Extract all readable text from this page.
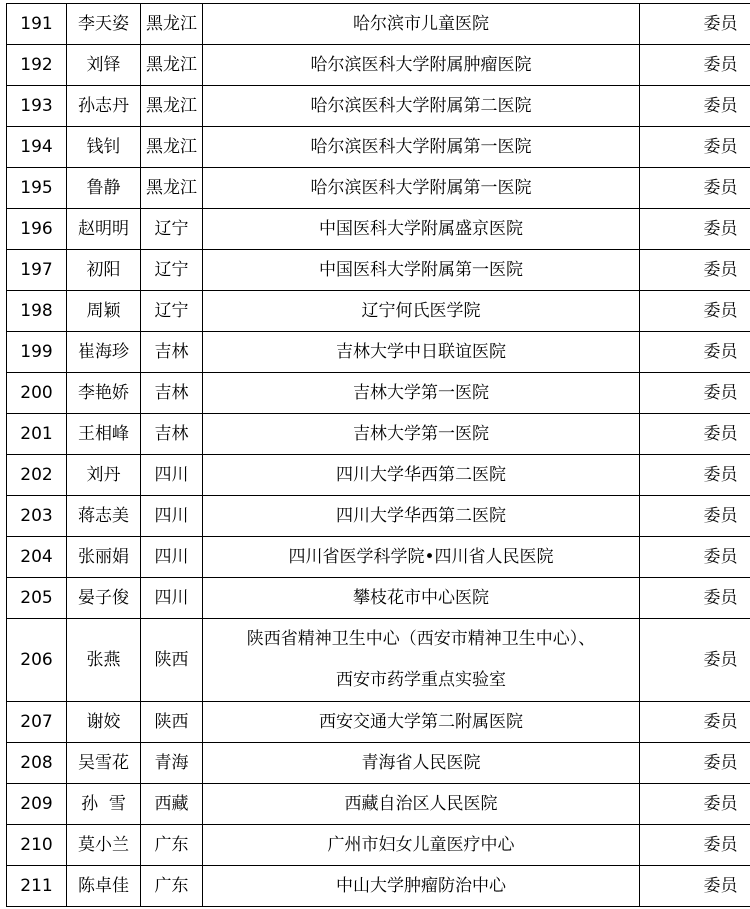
191	李天姿	黑龙江	哈尔滨市儿童医院	委员
192	刘铎	黑龙江	哈尔滨医科大学附属肿瘤医院	委员
193	孙志丹	黑龙江	哈尔滨医科大学附属第二医院	委员
194	钱钊	黑龙江	哈尔滨医科大学附属第一医院	委员
195	鲁静	黑龙江	哈尔滨医科大学附属第一医院	委员
196	赵明明	辽宁	中国医科大学附属盛京医院	委员
197	初阳	辽宁	中国医科大学附属第一医院	委员
198	周颖	辽宁	辽宁何氏医学院	委员
199	崔海珍	吉林	吉林大学中日联谊医院	委员
200	李艳娇	吉林	吉林大学第一医院	委员
201	王相峰	吉林	吉林大学第一医院	委员
202	刘丹	四川	四川大学华西第二医院	委员
203	蒋志美	四川	四川大学华西第二医院	委员
204	张丽娟	四川	四川省医学科学院•四川省人民医院	委员
205	晏子俊	四川	攀枝花市中心医院	委员
206	张燕	陕西	陕西省精神卫生中心（西安市精神卫生中心）、
西安市药学重点实验室	委员
207	谢姣	陕西	西安交通大学第二附属医院	委员
208	吴雪花	青海	青海省人民医院	委员
209	孙  雪	西藏	西藏自治区人民医院	委员
210	莫小兰	广东	广州市妇女儿童医疗中心	委员
211	陈卓佳	广东	中山大学肿瘤防治中心	委员
